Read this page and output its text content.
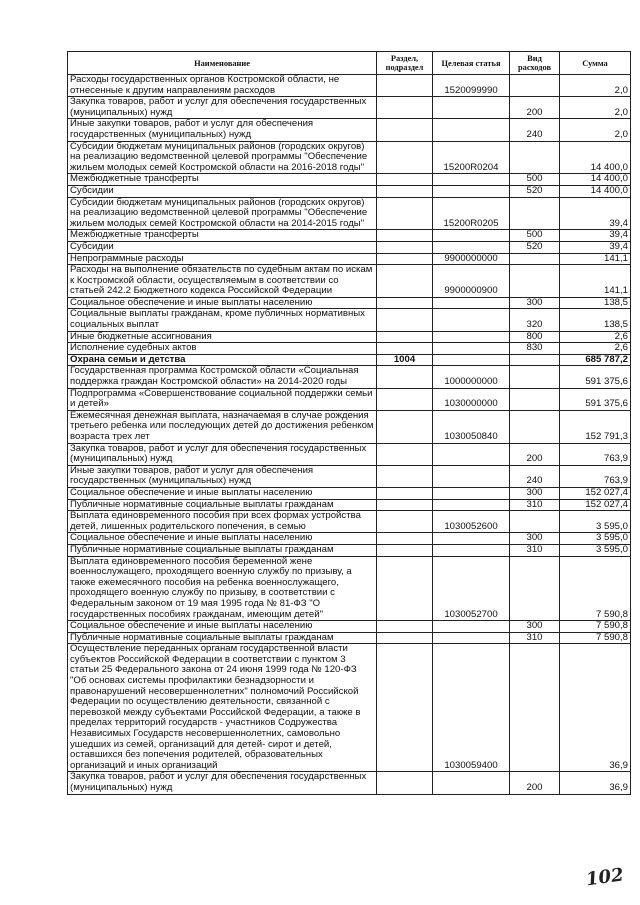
Наименование	Раздел, подраздел	Целевая статья	Вид расходов	Сумма
Расходы государственных органов Костромской области, не отнесенные к другим направлениям расходов		1520099990		2,0
Закупка товаров, работ и услуг для обеспечения государственных (муниципальных) нужд			200	2,0
Иные закупки товаров, работ и услуг для обеспечения государственных (муниципальных) нужд			240	2,0
Субсидии бюджетам муниципальных районов (городских округов) на реализацию ведомственной целевой программы "Обеспечение жильем молодых семей Костромской области на 2016-2018 годы"		15200R0204		14 400,0
Межбюджетные трансферты			500	14 400,0
Субсидии			520	14 400,0
Субсидии бюджетам муниципальных районов (городских округов) на реализацию ведомственной целевой программы "Обеспечение жильем молодых семей Костромской области на 2014-2015 годы"		15200R0205		39,4
Межбюджетные трансферты			500	39,4
Субсидии			520	39,4
Непрограммные расходы		9900000000		141,1
Расходы на выполнение обязательств по судебным актам по искам к Костромской области, осуществляемым в соответствии со статьей 242.2 Бюджетного кодекса Российской Федерации		9900000900		141,1
Социальное обеспечение и иные выплаты населению			300	138,5
Социальные выплаты гражданам, кроме публичных нормативных социальных выплат			320	138,5
Иные бюджетные ассигнования			800	2,6
Исполнение судебных актов			830	2,6
Охрана семьи и детства	1004			685 787,2
Государственная программа Костромской области «Социальная поддержка граждан Костромской области» на 2014-2020 годы		1000000000		591 375,6
Подпрограмма «Совершенствование социальной поддержки семьи и детей»		1030000000		591 375,6
Ежемесячная денежная выплата, назначаемая в случае рождения третьего ребенка или последующих детей до достижения ребенком возраста трех лет		1030050840		152 791,3
Закупка товаров, работ и услуг для обеспечения государственных (муниципальных) нужд			200	763,9
Иные закупки товаров, работ и услуг для обеспечения государственных (муниципальных) нужд			240	763,9
Социальное обеспечение и иные выплаты населению			300	152 027,4
Публичные нормативные социальные выплаты гражданам			310	152 027,4
Выплата единовременного пособия при всех формах устройства детей, лишенных родительского попечения, в семью		1030052600		3 595,0
Социальное обеспечение и иные выплаты населению			300	3 595,0
Публичные нормативные социальные выплаты гражданам			310	3 595,0
Выплата единовременного пособия беременной жене военнослужащего, проходящего военную службу по призыву, а также ежемесячного пособия на ребенка военнослужащего, проходящего военную службу по призыву, в соответствии с Федеральным законом от 19 мая 1995 года № 81-ФЗ "О государственных пособиях гражданам, имеющим детей"		1030052700		7 590,8
Социальное обеспечение и иные выплаты населению			300	7 590,8
Публичные нормативные социальные выплаты гражданам			310	7 590,8
Осуществление переданных органам государственной власти субъектов Российской Федерации в соответствии с пунктом 3 статьи 25 Федерального закона от 24 июня 1999 года № 120-ФЗ "Об основах системы профилактики безнадзорности и правонарушений несовершеннолетних" полномочий Российской Федерации по осуществлению деятельности, связанной с перевозкой между субъектами Российской Федерации, а также в пределах территорий государств - участников Содружества Независимых Государств несовершеннолетних, самовольно ушедших из семей, организаций для детей- сирот и детей, оставшихся без попечения родителей, образовательных организаций и иных организаций		1030059400		36,9
Закупка товаров, работ и услуг для обеспечения государственных (муниципальных) нужд			200	36,9
102
